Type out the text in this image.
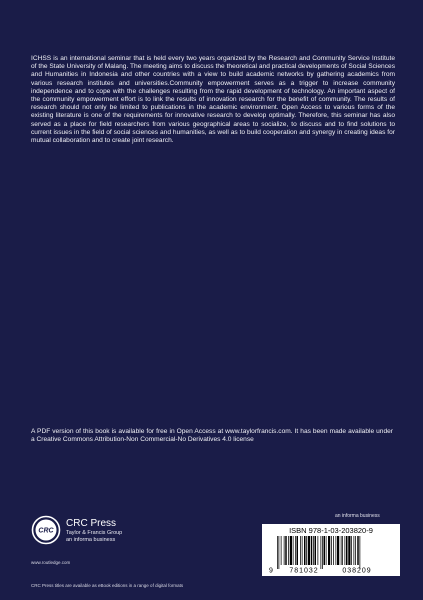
ICHSS is an international seminar that is held every two years organized by the Research and Community Service Institute of the State University of Malang. The meeting aims to discuss the theoretical and practical developments of Social Sciences and Humanities in Indonesia and other countries with a view to build academic networks by gathering academics from various research institutes and universities.Community empowerment serves as a trigger to increase community independence and to cope with the challenges resulting from the rapid development of technology. An important aspect of the community empowerment effort is to link the results of innovation research for the benefit of community. The results of research should not only be limited to publications in the academic environment. Open Access to various forms of the existing literature is one of the requirements for innovative research to develop optimally. Therefore, this seminar has also served as a place for field researchers from various geographical areas to socialize, to discuss and to find solutions to current issues in the field of social sciences and humanities, as well as to build cooperation and synergy in creating ideas for mutual collaboration and to create joint research.

A PDF version of this book is available for free in Open Access at www.taylorfrancis.com. It has been made available under a Creative Commons Attribution-Non Commercial-No Derivatives 4.0 license

CRC
CRC Press
Taylor & Francis Group
an informa business
www.routledge.com
an informa business
ISBN 978-1-03-203820-9
9 781032	038209
CRC Press titles are available as eBook editions in a range of digital formats
